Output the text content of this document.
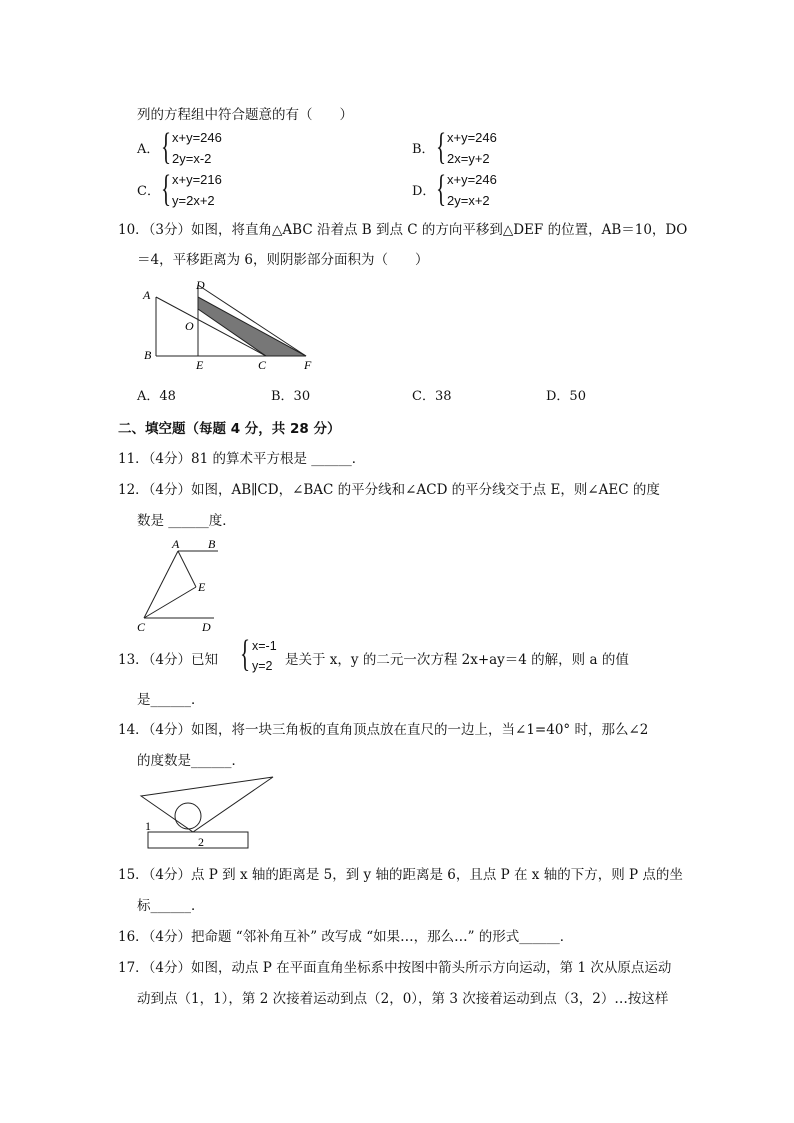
列的方程组中符合题意的有（　　）
A． { x+y=246
2y=x-2
B． { x+y=246
2x=y+2
C． { x+y=216
y=2x+2
D． { x+y=246
2y=x+2
10．（3分）如图，将直角△ABC 沿着点 B 到点 C 的方向平移到△DEF 的位置，AB＝10，DO
＝4，平移距离为 6，则阴影部分面积为（　　）
A
B
D
O
E	C	F
A．48	B．30	C．38	D．50
二、填空题（每题 4 分，共 28 分）
11．（4分）81 的算术平方根是 ______．
12．（4分）如图，AB∥CD，∠BAC 的平分线和∠ACD 的平分线交于点 E，则∠AEC 的度
数是 ______度．
A B
E
C	D
13．（4分）已知 { x=-1
y=2 是关于 x，y 的二元一次方程 2x+ay＝4 的解，则 a 的值
是______．
14．（4分）如图，将一块三角板的直角顶点放在直尺的一边上，当∠1=40° 时，那么∠2
的度数是______．
1
2
15．（4分）点 P 到 x 轴的距离是 5，到 y 轴的距离是 6，且点 P 在 x 轴的下方，则 P 点的坐
标______．
16．（4分）把命题 “邻补角互补” 改写成 “如果…，那么…” 的形式______．
17．（4分）如图，动点 P 在平面直角坐标系中按图中箭头所示方向运动，第 1 次从原点运动
动到点（1，1），第 2 次接着运动到点（2，0），第 3 次接着运动到点（3，2）…按这样
